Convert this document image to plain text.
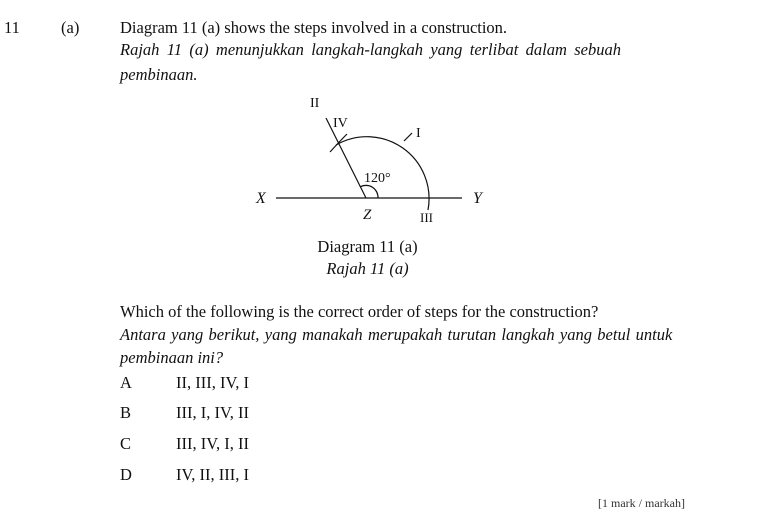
11 (a) Diagram 11 (a) shows the steps involved in a construction.
Rajah 11 (a) menunjukkan langkah-langkah yang terlibat dalam sebuah
pembinaan.
II
IV
I
III
X	Y
Z
120°
Diagram 11 (a)
Rajah 11 (a)
Which of the following is the correct order of steps for the construction?
Antara yang berikut, yang manakah merupakah turutan langkah yang betul untuk
pembinaan ini?
A	II, III, IV, I
B	III, I, IV, II
C	III, IV, I, II
D	IV, II, III, I
[1 mark / markah]
